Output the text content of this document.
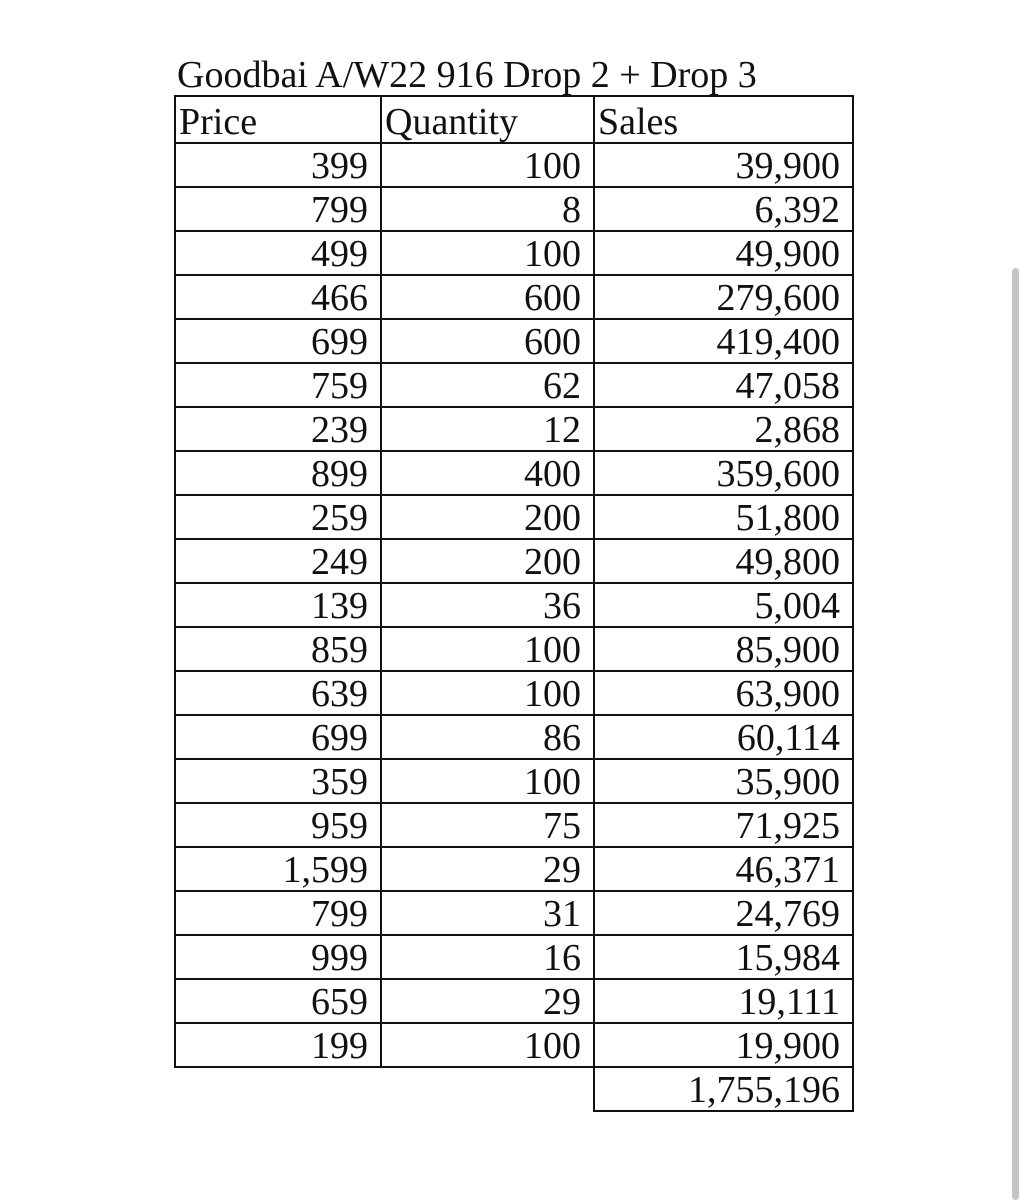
Goodbai A/W22 916 Drop 2 + Drop 3
Price	Quantity	Sales
399	100	39,900
799	8	6,392
499	100	49,900
466	600	279,600
699	600	419,400
759	62	47,058
239	12	2,868
899	400	359,600
259	200	51,800
249	200	49,800
139	36	5,004
859	100	85,900
639	100	63,900
699	86	60,114
359	100	35,900
959	75	71,925
1,599	29	46,371
799	31	24,769
999	16	15,984
659	29	19,111
199	100	19,900
		1,755,196
